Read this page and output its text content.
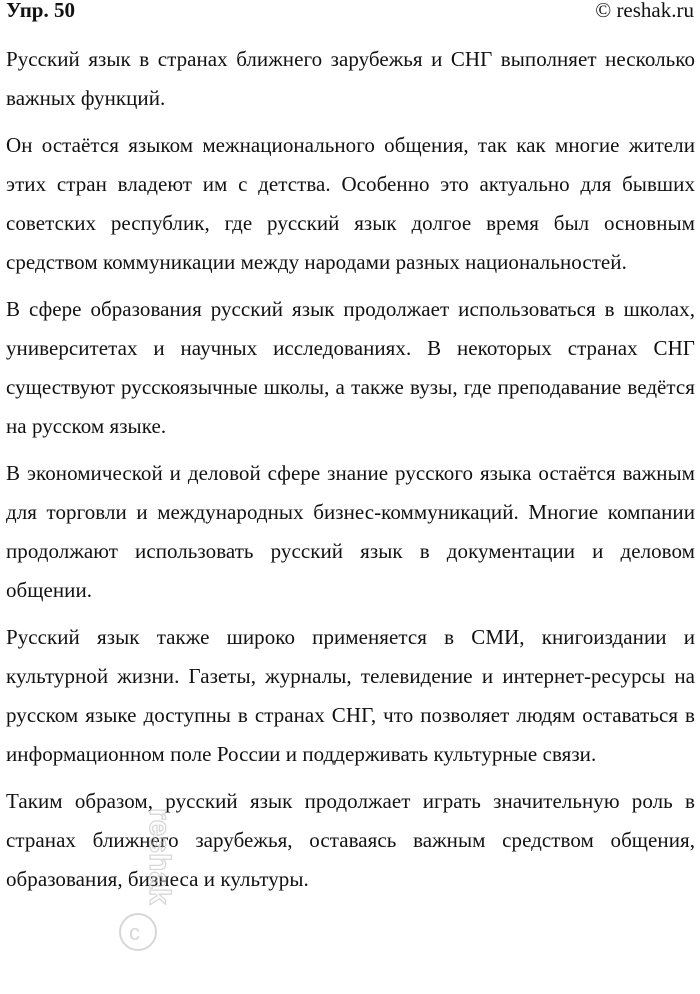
Упр. 50	© reshak.ru

Русский язык в странах ближнего зарубежья и СНГ выполняет несколько важных функций.

Он остаётся языком межнационального общения, так как многие жители этих стран владеют им с детства. Особенно это актуально для бывших советских республик, где русский язык долгое время был основным средством коммуникации между народами разных национальностей.

В сфере образования русский язык продолжает использоваться в школах, университетах и научных исследованиях. В некоторых странах СНГ существуют русскоязычные школы, а также вузы, где преподавание ведётся на русском языке.

В экономической и деловой сфере знание русского языка остаётся важным для торговли и международных бизнес-коммуникаций. Многие компании продолжают использовать русский язык в документации и деловом общении.

Русский язык также широко применяется в СМИ, книгоиздании и культурной жизни. Газеты, журналы, телевидение и интернет-ресурсы на русском языке доступны в странах СНГ, что позволяет людям оставаться в информационном поле России и поддерживать культурные связи.

Таким образом, русский язык продолжает играть значительную роль в странах ближнего зарубежья, оставаясь важным средством общения, образования, бизнеса и культуры.

reshak
c
